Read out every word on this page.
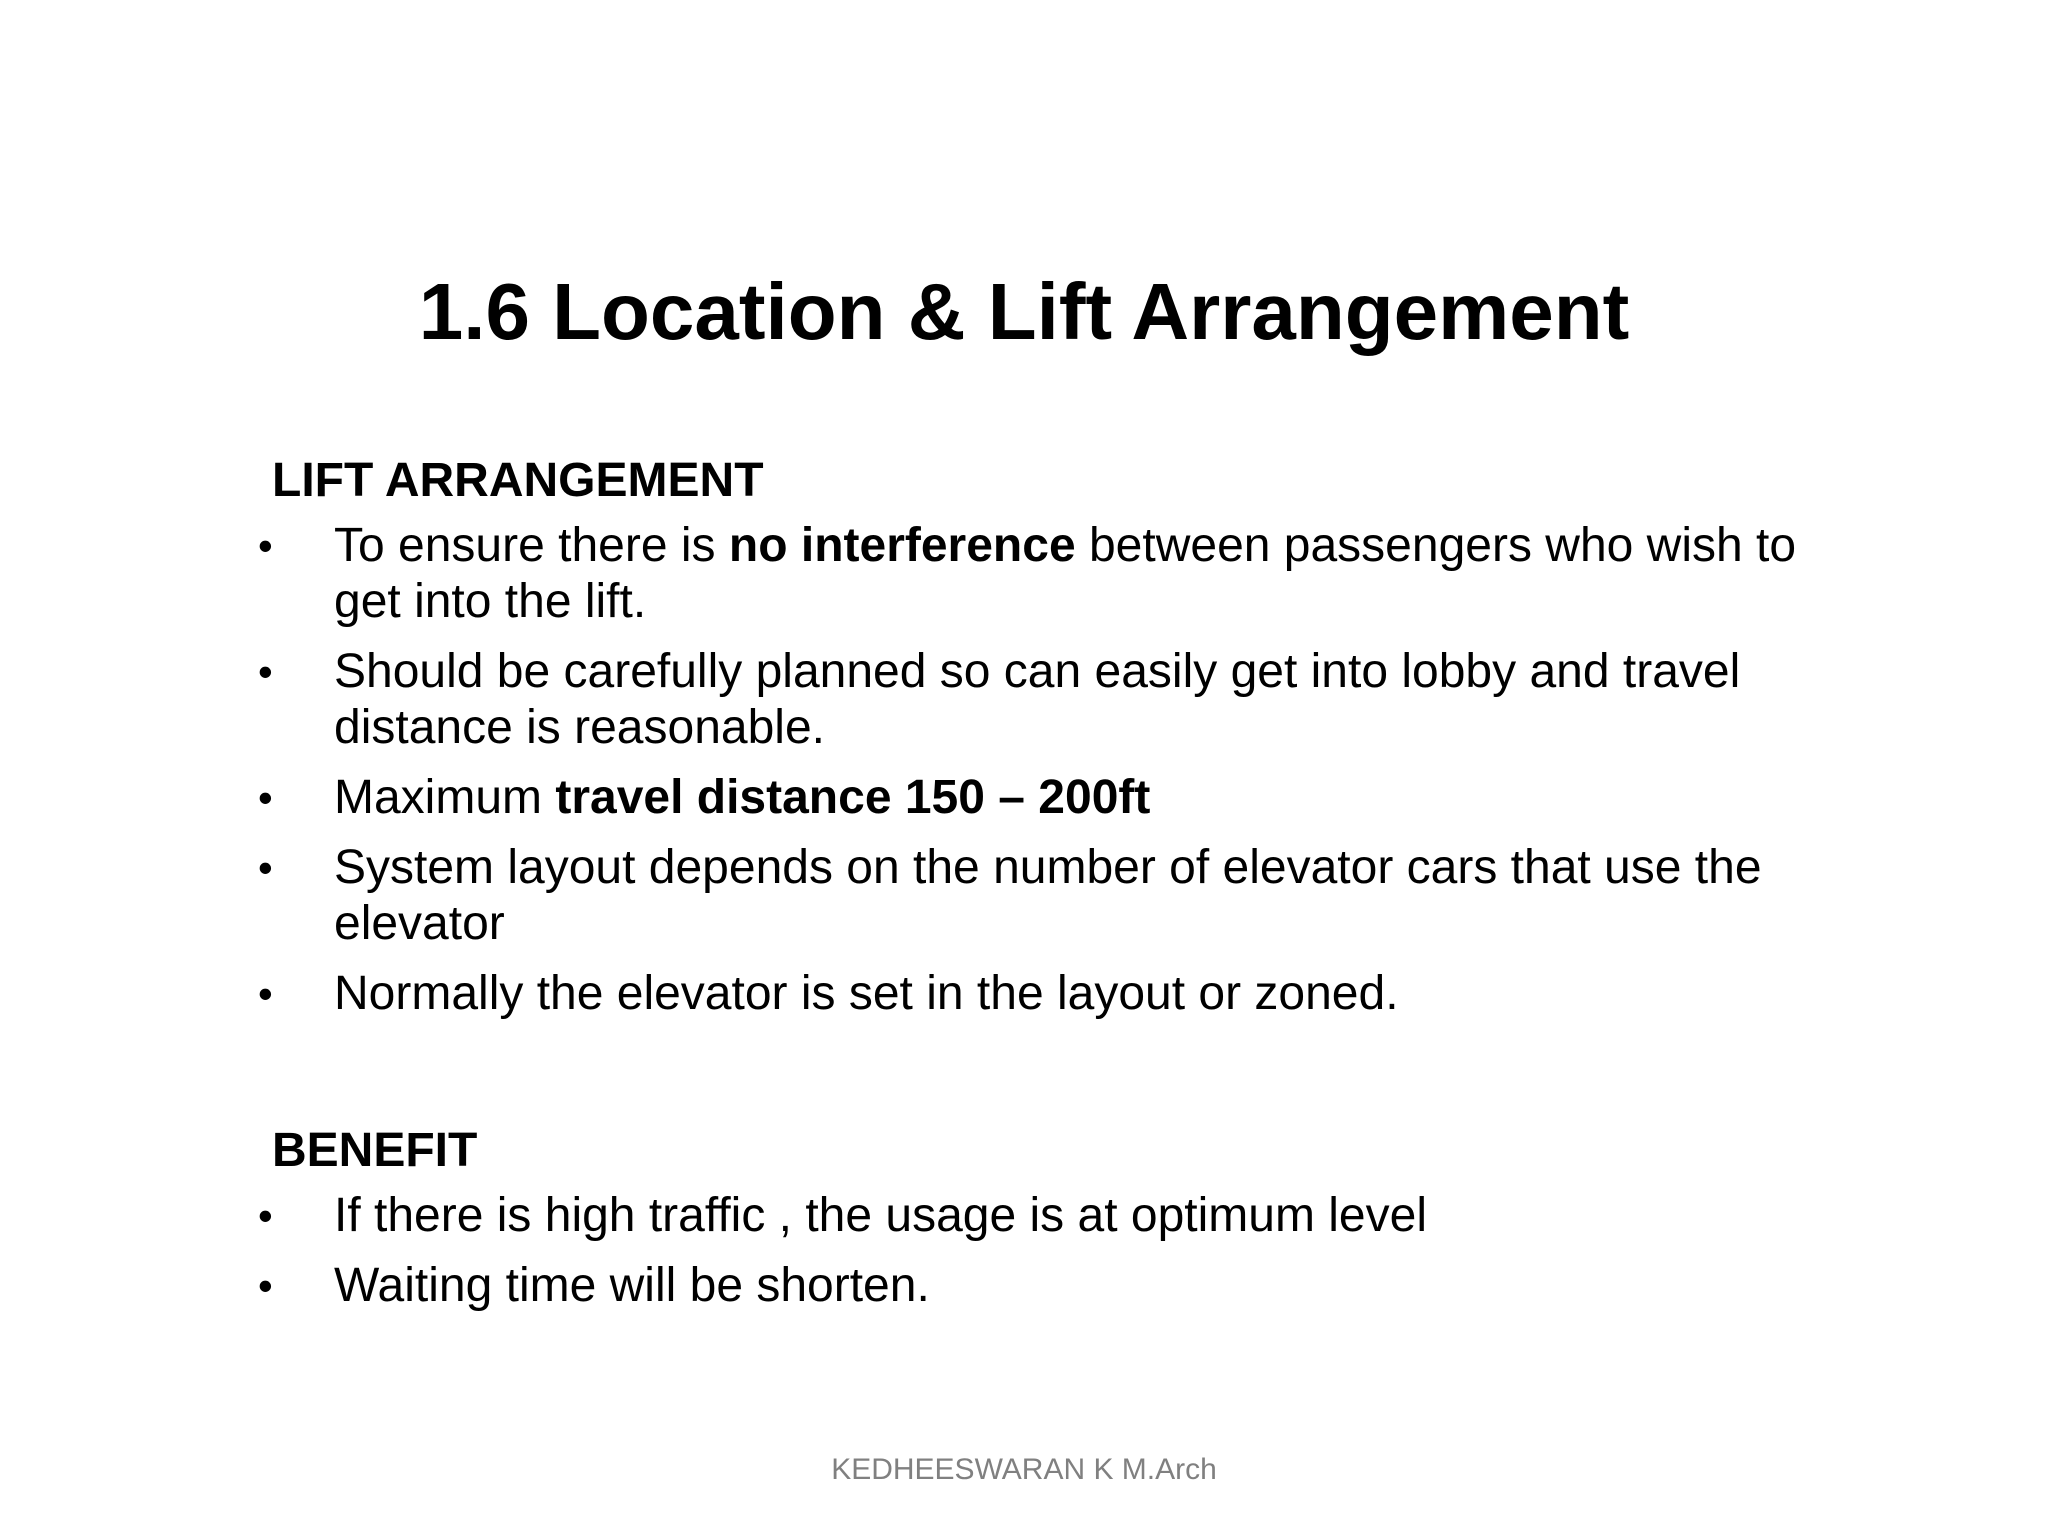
1.6 Location & Lift Arrangement
LIFT ARRANGEMENT
• To ensure there is no interference between passengers who wish to get into the lift.
• Should be carefully planned so can easily get into lobby and travel distance is reasonable.
• Maximum travel distance 150 – 200ft
• System layout depends on the number of elevator cars that use the elevator
• Normally the elevator is set in the layout or zoned.
BENEFIT
• If there is high traffic , the usage is at optimum level
• Waiting time will be shorten.
KEDHEESWARAN K M.Arch
